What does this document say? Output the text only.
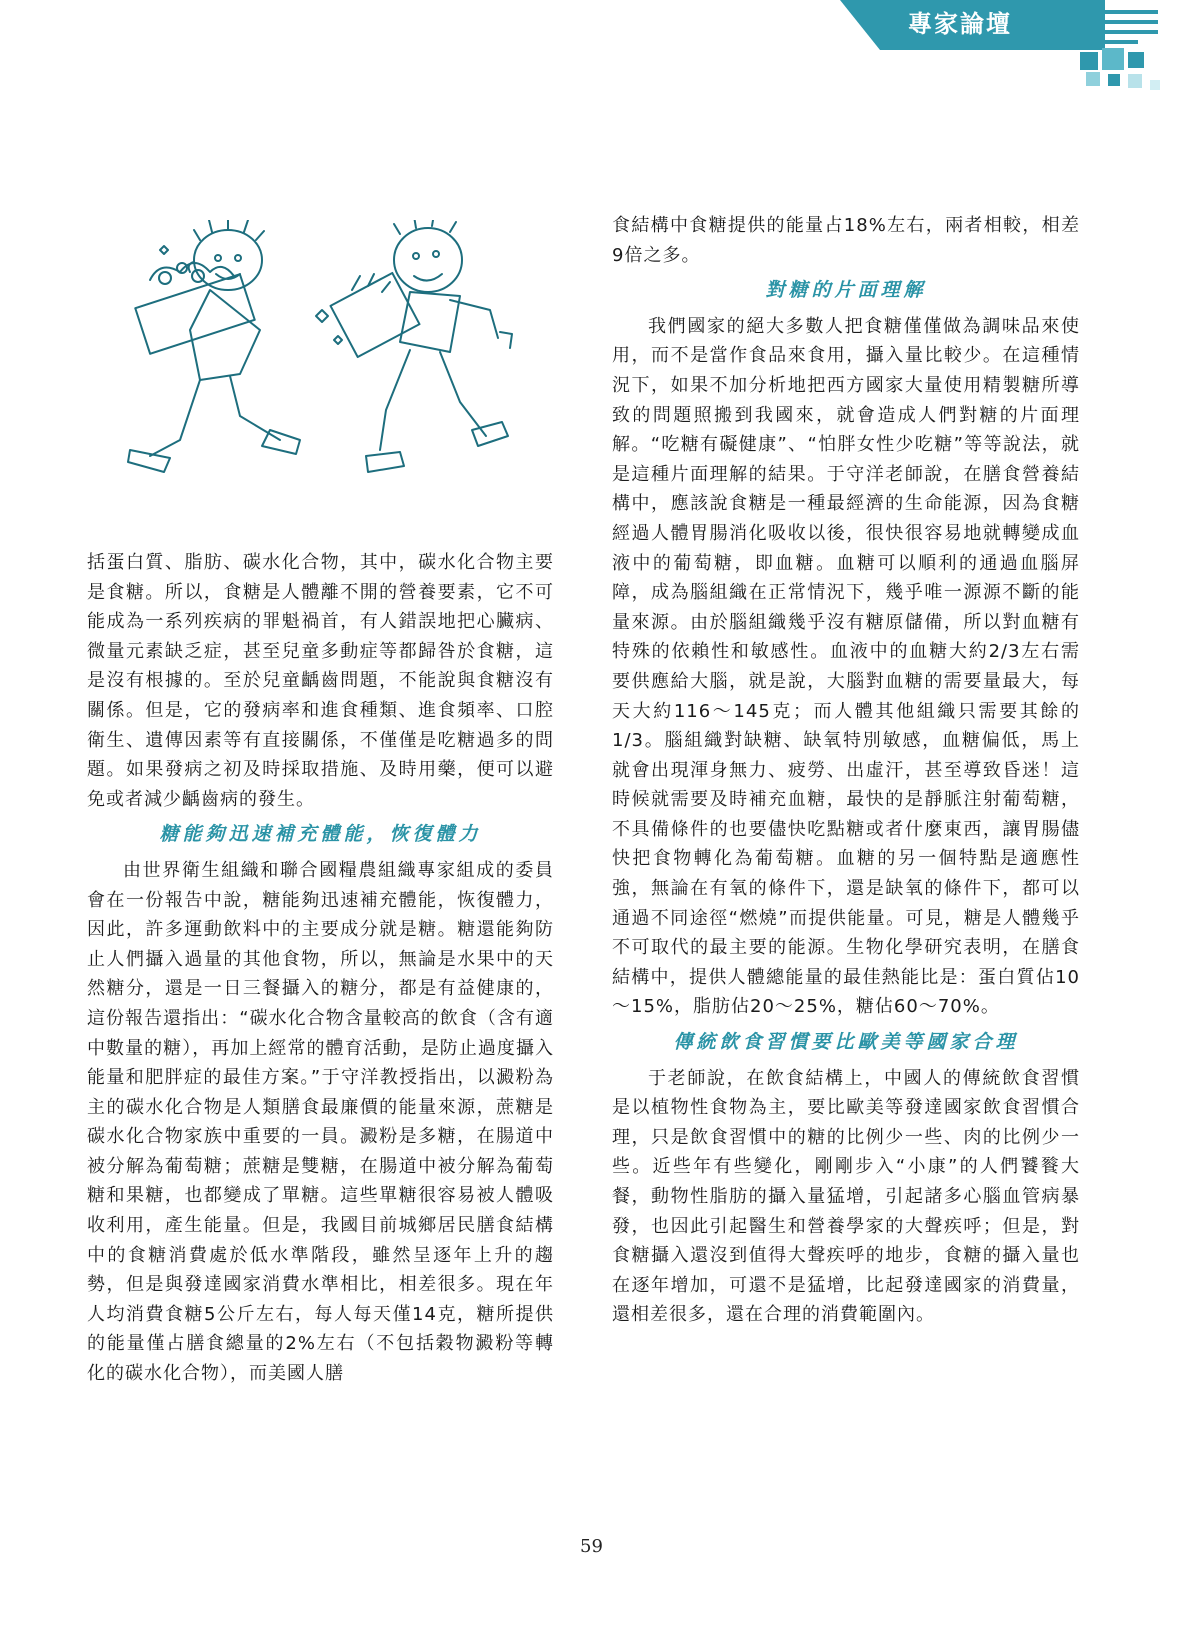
專家論壇

括蛋白質、脂肪、碳水化合物，其中，碳水化合物主要是食糖。所以，食糖是人體離不開的營養要素，它不可能成為一系列疾病的罪魁禍首，有人錯誤地把心臟病、微量元素缺乏症，甚至兒童多動症等都歸咎於食糖，這是沒有根據的。至於兒童齲齒問題，不能說與食糖沒有關係。但是，它的發病率和進食種類、進食頻率、口腔衛生、遺傳因素等有直接關係，不僅僅是吃糖過多的問題。如果發病之初及時採取措施、及時用藥，便可以避免或者減少齲齒病的發生。

糖能夠迅速補充體能，恢復體力

由世界衛生組織和聯合國糧農組織專家組成的委員會在一份報告中說，糖能夠迅速補充體能，恢復體力，因此，許多運動飲料中的主要成分就是糖。糖還能夠防止人們攝入過量的其他食物，所以，無論是水果中的天然糖分，還是一日三餐攝入的糖分，都是有益健康的，這份報告還指出：“碳水化合物含量較高的飲食（含有適中數量的糖），再加上經常的體育活動，是防止過度攝入能量和肥胖症的最佳方案。”于守洋教授指出，以澱粉為主的碳水化合物是人類膳食最廉價的能量來源，蔗糖是碳水化合物家族中重要的一員。澱粉是多糖，在腸道中被分解為葡萄糖；蔗糖是雙糖，在腸道中被分解為葡萄糖和果糖，也都變成了單糖。這些單糖很容易被人體吸收利用，產生能量。但是，我國目前城鄉居民膳食結構中的食糖消費處於低水準階段，雖然呈逐年上升的趨勢，但是與發達國家消費水準相比，相差很多。現在年人均消費食糖5公斤左右，每人每天僅14克，糖所提供的能量僅占膳食總量的2%左右（不包括穀物澱粉等轉化的碳水化合物），而美國人膳

食結構中食糖提供的能量占18%左右，兩者相較，相差9倍之多。

對糖的片面理解

我們國家的絕大多數人把食糖僅僅做為調味品來使用，而不是當作食品來食用，攝入量比較少。在這種情況下，如果不加分析地把西方國家大量使用精製糖所導致的問題照搬到我國來，就會造成人們對糖的片面理解。“吃糖有礙健康”、“怕胖女性少吃糖”等等說法，就是這種片面理解的結果。于守洋老師說，在膳食營養結構中，應該說食糖是一種最經濟的生命能源，因為食糖經過人體胃腸消化吸收以後，很快很容易地就轉變成血液中的葡萄糖，即血糖。血糖可以順利的通過血腦屏障，成為腦組織在正常情況下，幾乎唯一源源不斷的能量來源。由於腦組織幾乎沒有糖原儲備，所以對血糖有特殊的依賴性和敏感性。血液中的血糖大約2/3左右需要供應給大腦，就是說，大腦對血糖的需要量最大，每天大約116～145克；而人體其他組織只需要其餘的1/3。腦組織對缺糖、缺氧特別敏感，血糖偏低，馬上就會出現渾身無力、疲勞、出虛汗，甚至導致昏迷！這時候就需要及時補充血糖，最快的是靜脈注射葡萄糖，不具備條件的也要儘快吃點糖或者什麼東西，讓胃腸儘快把食物轉化為葡萄糖。血糖的另一個特點是適應性強，無論在有氧的條件下，還是缺氧的條件下，都可以通過不同途徑“燃燒”而提供能量。可見，糖是人體幾乎不可取代的最主要的能源。生物化學研究表明，在膳食結構中，提供人體總能量的最佳熱能比是：蛋白質佔10～15%，脂肪佔20～25%，糖佔60～70%。

傳統飲食習慣要比歐美等國家合理

于老師說，在飲食結構上，中國人的傳統飲食習慣是以植物性食物為主，要比歐美等發達國家飲食習慣合理，只是飲食習慣中的糖的比例少一些、肉的比例少一些。近些年有些變化，剛剛步入“小康”的人們饕餮大餐，動物性脂肪的攝入量猛增，引起諸多心腦血管病暴發，也因此引起醫生和營養學家的大聲疾呼；但是，對食糖攝入還沒到值得大聲疾呼的地步，食糖的攝入量也在逐年增加，可還不是猛增，比起發達國家的消費量，還相差很多，還在合理的消費範圍內。

59
